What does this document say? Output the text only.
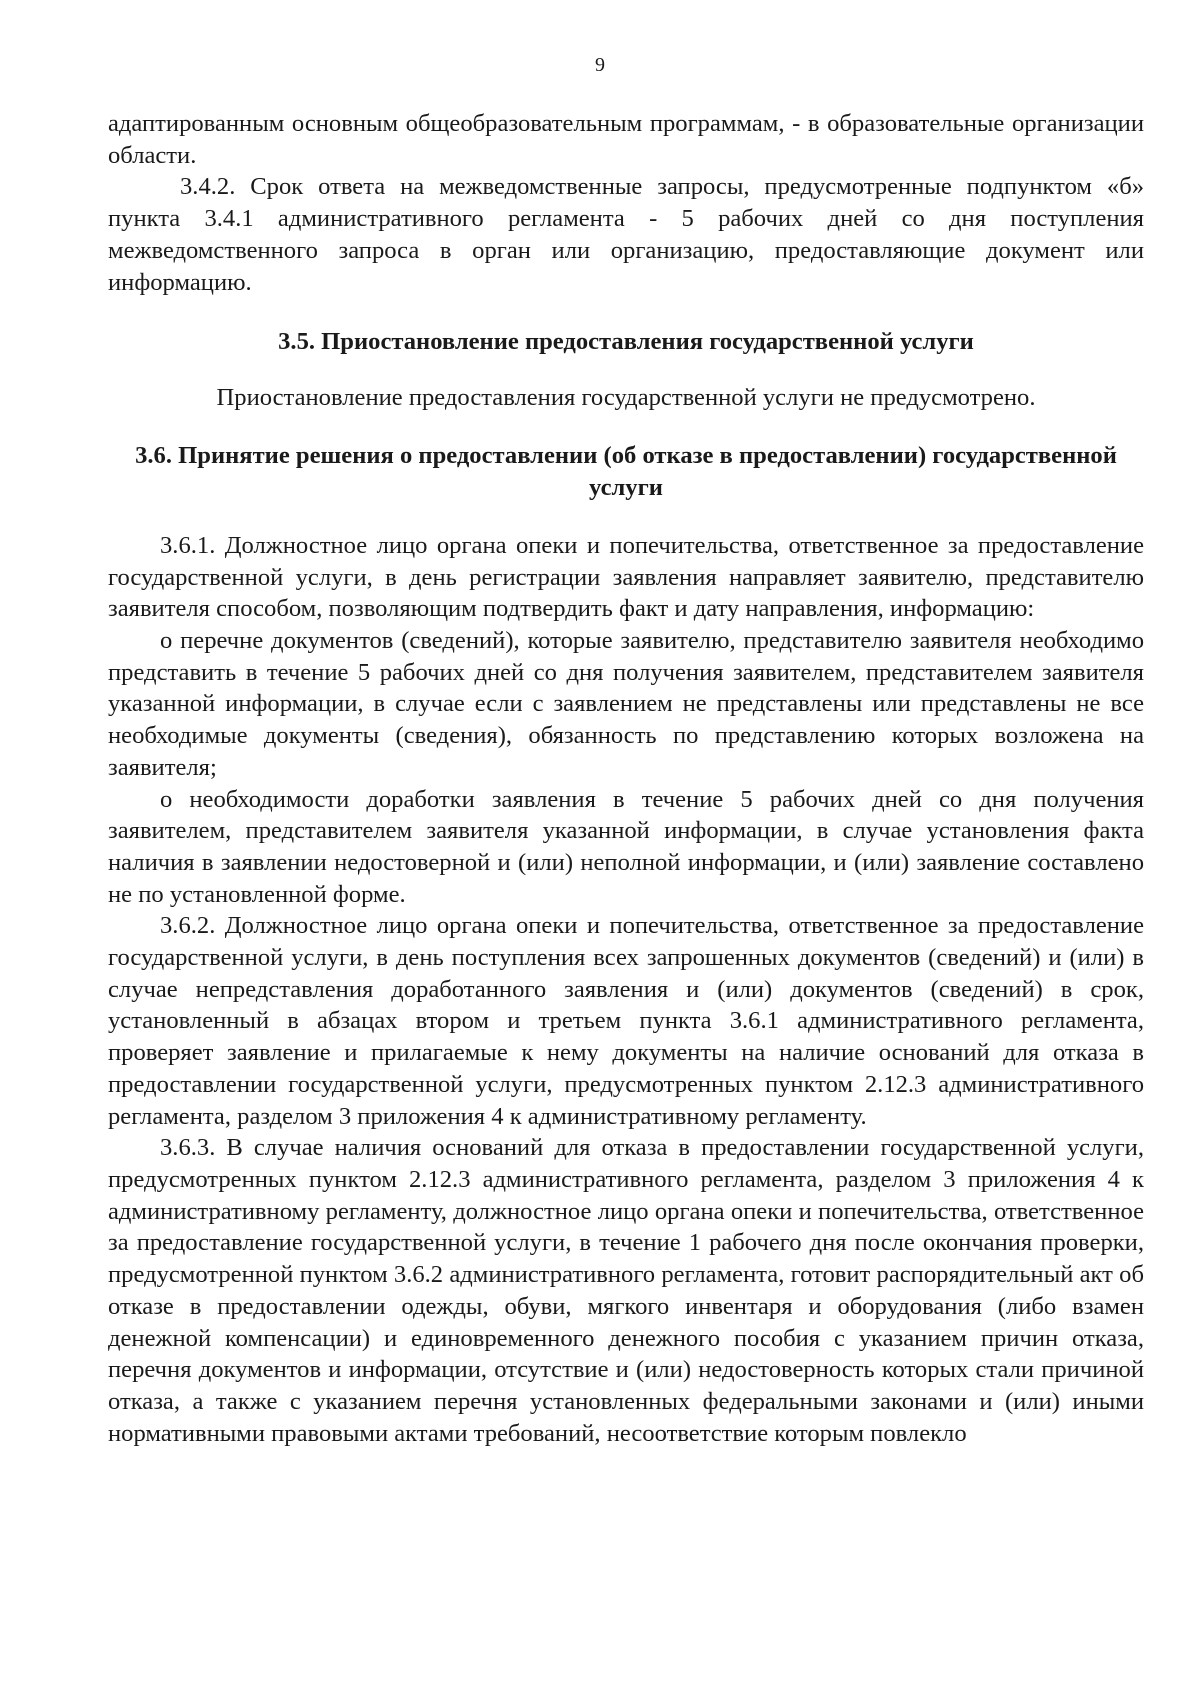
9

адаптированным основным общеобразовательным программам, - в образовательные организации области.

3.4.2. Срок ответа на межведомственные запросы, предусмотренные подпунктом «б» пункта 3.4.1 административного регламента - 5 рабочих дней со дня поступления межведомственного запроса в орган или организацию, предоставляющие документ или информацию.

3.5. Приостановление предоставления государственной услуги

Приостановление предоставления государственной услуги не предусмотрено.

3.6. Принятие решения о предоставлении (об отказе в предоставлении) государственной услуги

3.6.1. Должностное лицо органа опеки и попечительства, ответственное за предоставление государственной услуги, в день регистрации заявления направляет заявителю, представителю заявителя способом, позволяющим подтвердить факт и дату направления, информацию:

о перечне документов (сведений), которые заявителю, представителю заявителя необходимо представить в течение 5 рабочих дней со дня получения заявителем, представителем заявителя указанной информации, в случае если с заявлением не представлены или представлены не все необходимые документы (сведения), обязанность по представлению которых возложена на заявителя;

о необходимости доработки заявления в течение 5 рабочих дней со дня получения заявителем, представителем заявителя указанной информации, в случае установления факта наличия в заявлении недостоверной и (или) неполной информации, и (или) заявление составлено не по установленной форме.

3.6.2. Должностное лицо органа опеки и попечительства, ответственное за предоставление государственной услуги, в день поступления всех запрошенных документов (сведений) и (или) в случае непредставления доработанного заявления и (или) документов (сведений) в срок, установленный в абзацах втором и третьем пункта 3.6.1 административного регламента, проверяет заявление и прилагаемые к нему документы на наличие оснований для отказа в предоставлении государственной услуги, предусмотренных пунктом 2.12.3 административного регламента, разделом 3 приложения 4 к административному регламенту.

3.6.3. В случае наличия оснований для отказа в предоставлении государственной услуги, предусмотренных пунктом 2.12.3 административного регламента, разделом 3 приложения 4 к административному регламенту, должностное лицо органа опеки и попечительства, ответственное за предоставление государственной услуги, в течение 1 рабочего дня после окончания проверки, предусмотренной пунктом 3.6.2 административного регламента, готовит распорядительный акт об отказе в предоставлении одежды, обуви, мягкого инвентаря и оборудования (либо взамен денежной компенсации) и единовременного денежного пособия с указанием причин отказа, перечня документов и информации, отсутствие и (или) недостоверность которых стали причиной отказа, а также с указанием перечня установленных федеральными законами и (или) иными нормативными правовыми актами требований, несоответствие которым повлекло
